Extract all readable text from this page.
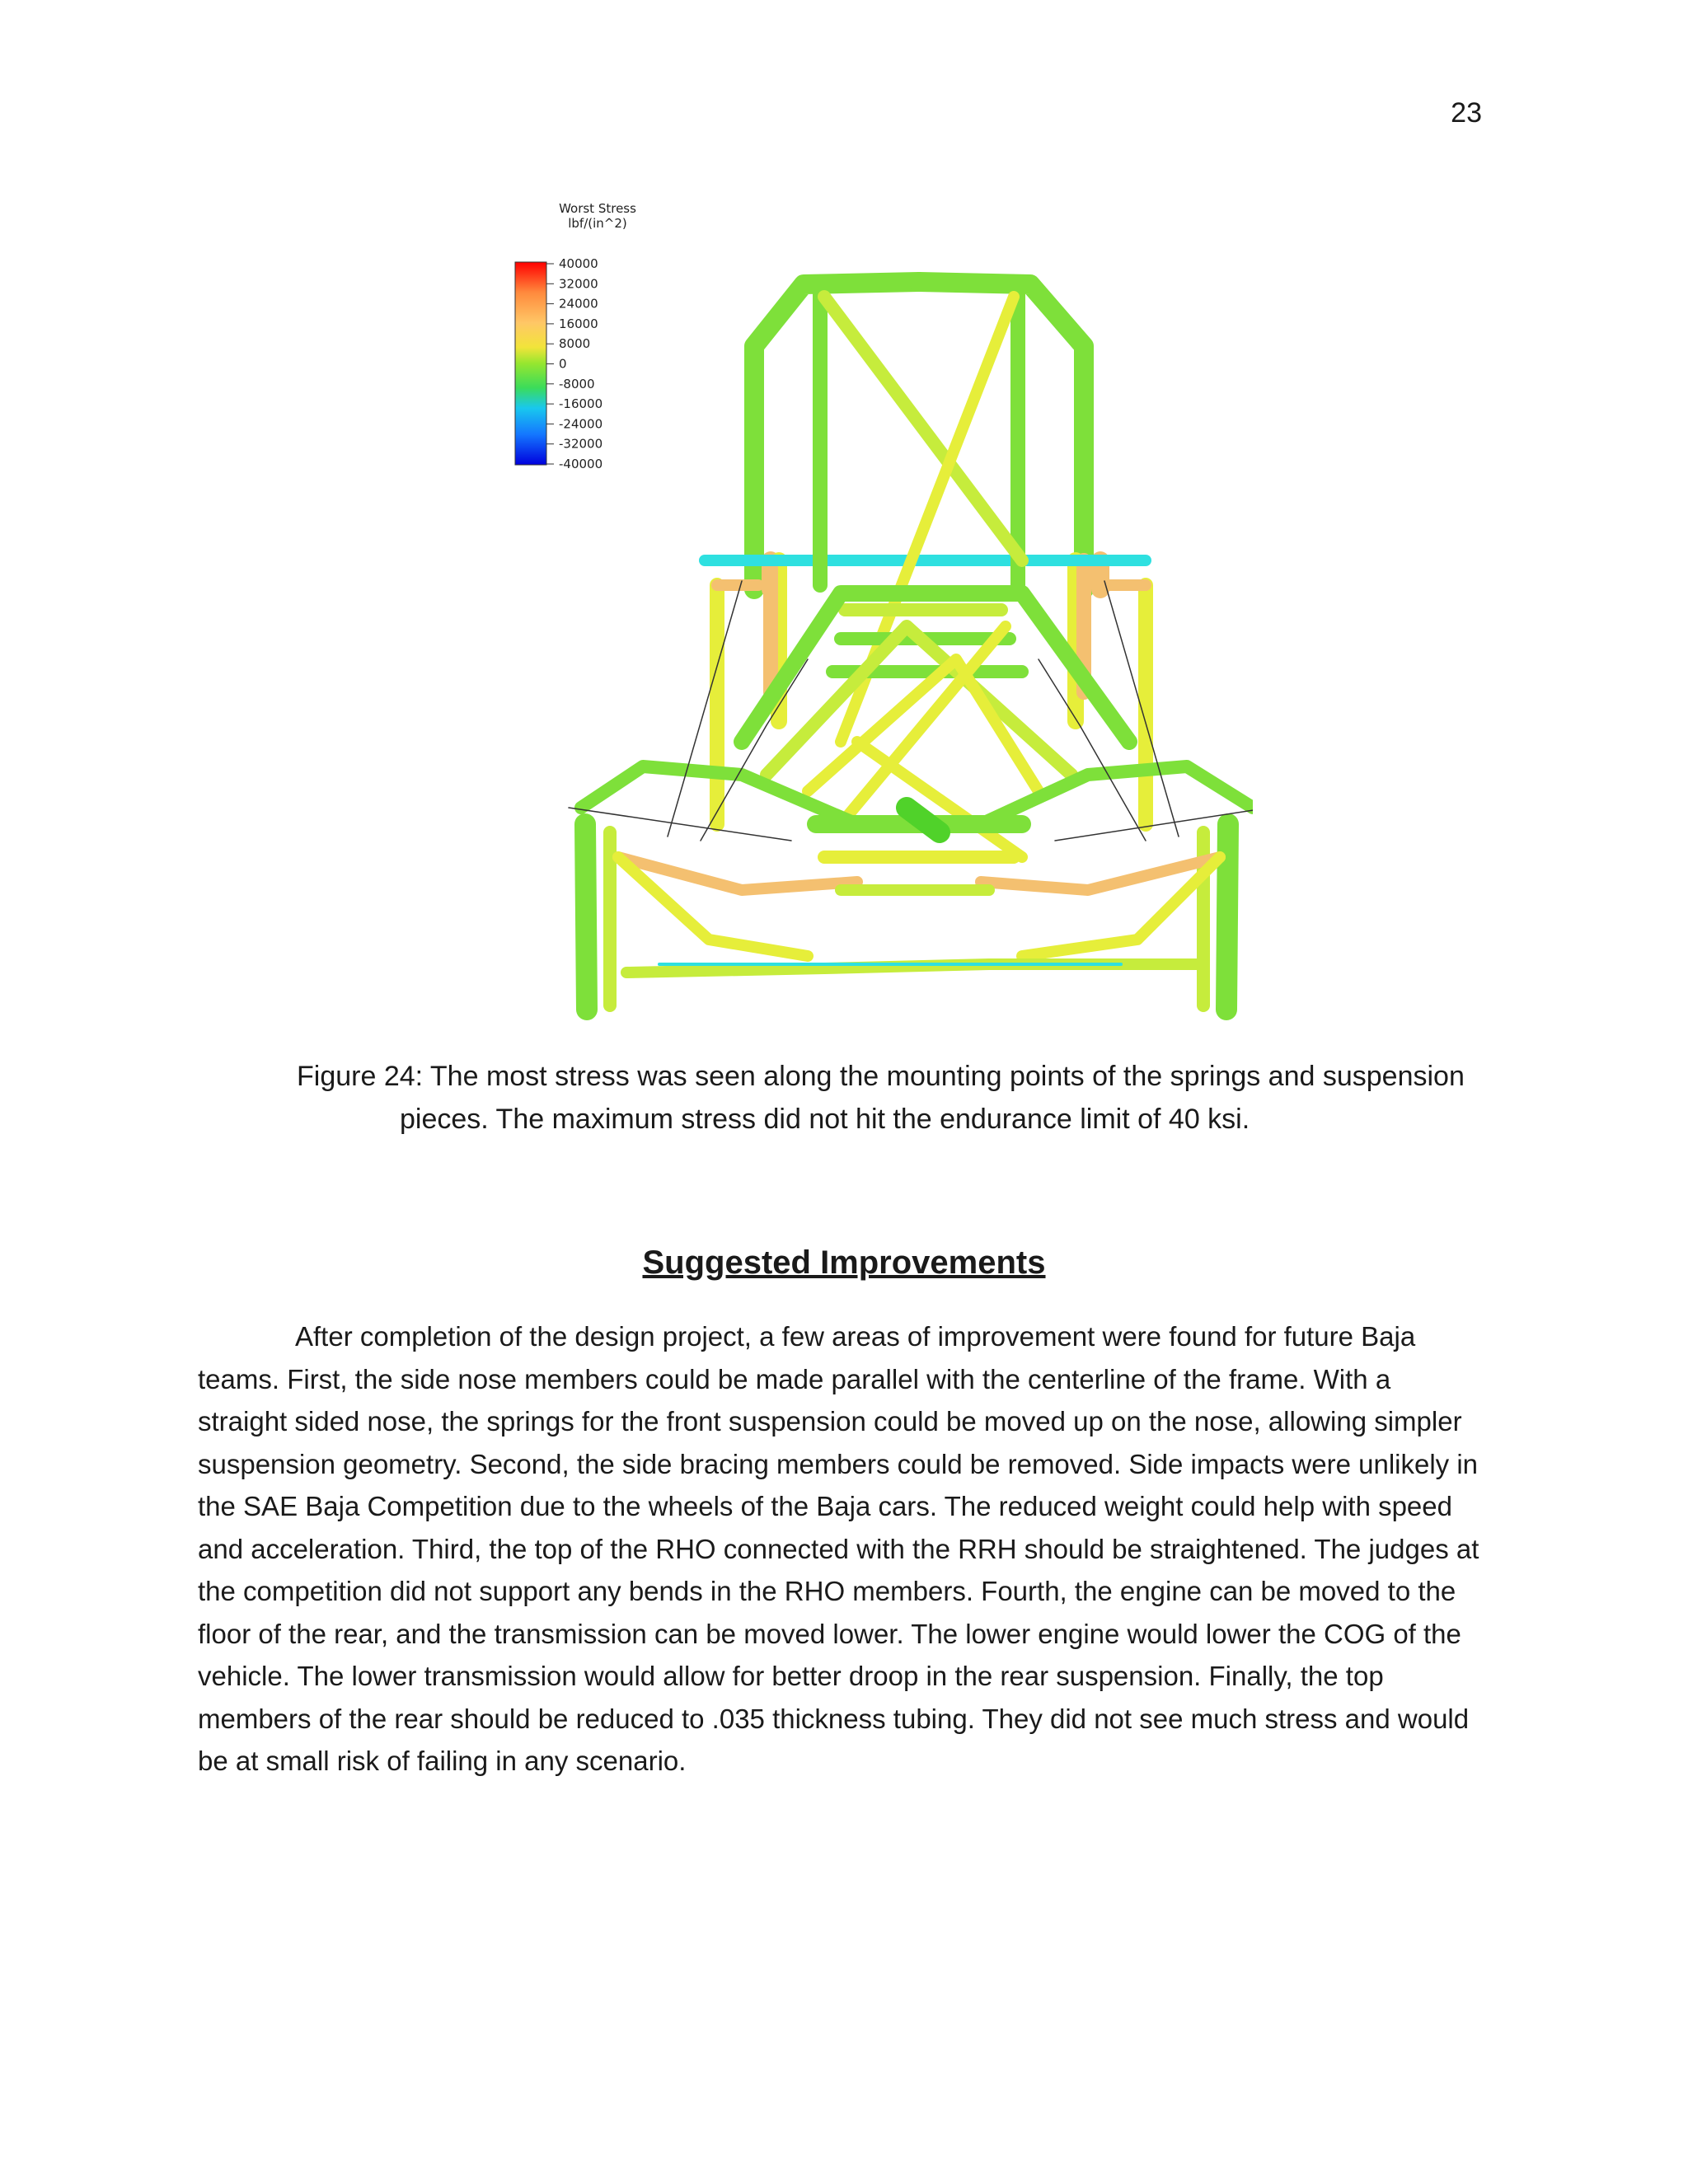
23
Worst Stress
lbf/(in^2)
40000
32000
24000
16000
8000
0
-8000
-16000
-24000
-32000
-40000
Figure 24: The most stress was seen along the mounting points of the springs and suspension
pieces. The maximum stress did not hit the endurance limit of 40 ksi.
Suggested Improvements

After completion of the design project, a few areas of improvement were found for future Baja teams. First, the side nose members could be made parallel with the centerline of the frame. With a straight sided nose, the springs for the front suspension could be moved up on the nose, allowing simpler suspension geometry. Second, the side bracing members could be removed. Side impacts were unlikely in the SAE Baja Competition due to the wheels of the Baja cars. The reduced weight could help with speed and acceleration. Third, the top of the RHO connected with the RRH should be straightened. The judges at the competition did not support any bends in the RHO members. Fourth, the engine can be moved to the floor of the rear, and the transmission can be moved lower. The lower engine would lower the COG of the vehicle. The lower transmission would allow for better droop in the rear suspension. Finally, the top members of the rear should be reduced to .035 thickness tubing. They did not see much stress and would be at small risk of failing in any scenario.
